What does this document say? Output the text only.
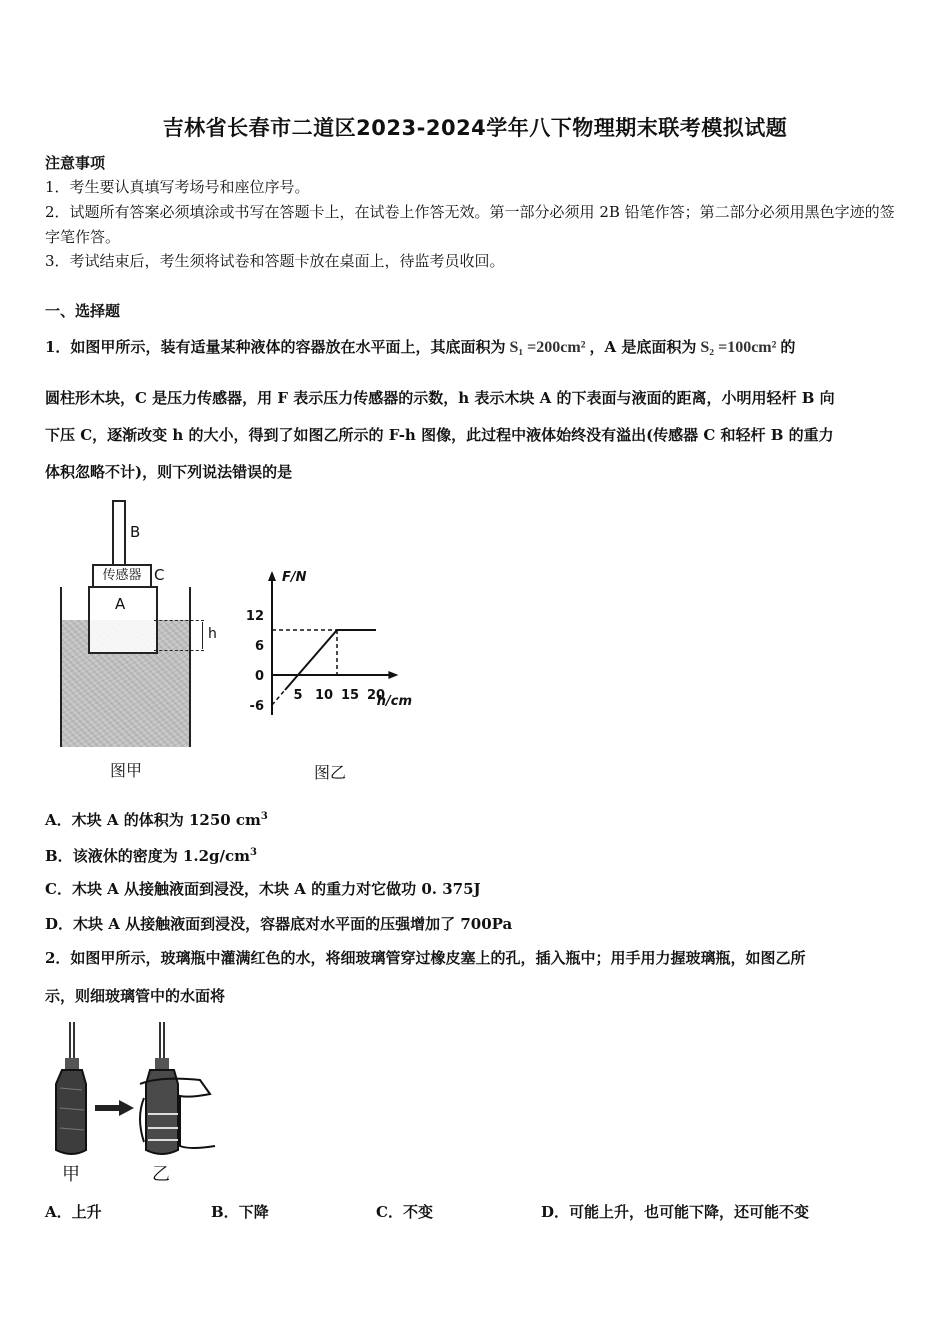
吉林省长春市二道区2023-2024学年八下物理期末联考模拟试题
注意事项
1．考生要认真填写考场号和座位序号。
2．试题所有答案必须填涂或书写在答题卡上，在试卷上作答无效。第一部分必须用 2B 铅笔作答；第二部分必须用黑色字迹的签字笔作答。
3．考试结束后，考生须将试卷和答题卡放在桌面上，待监考员收回。
一、选择题
1．如图甲所示，装有适量某种液体的容器放在水平面上，其底面积为 S₁ =200cm² ，A 是底面积为 S₂ =100cm² 的
圆柱形木块，C 是压力传感器，用 F 表示压力传感器的示数，h 表示木块 A 的下表面与液面的距离，小明用轻杆 B 向
下压 C，逐渐改变 h 的大小，得到了如图乙所示的 F-h 图像，此过程中液体始终没有溢出(传感器 C 和轻杆 B 的重力
体积忽略不计)，则下列说法错误的是
B
传感器 C
A
h
图甲
F/N
h/cm
-6
0
6
12
5 10 15 20
图乙
A．木块 A 的体积为 1250 $cm^3$
B．该液休的密度为 $1.2g/cm^3$
C．木块 A 从接触液面到浸没，木块 A 的重力对它做功 0. 375J
D．木块 A 从接触液面到浸没，容器底对水平面的压强增加了 700Pa
2．如图甲所示，玻璃瓶中灌满红色的水，将细玻璃管穿过橡皮塞上的孔，插入瓶中；用手用力握玻璃瓶，如图乙所
示，则细玻璃管中的水面将
甲	乙
A．上升	B．下降	C．不变	D．可能上升，也可能下降，还可能不变
